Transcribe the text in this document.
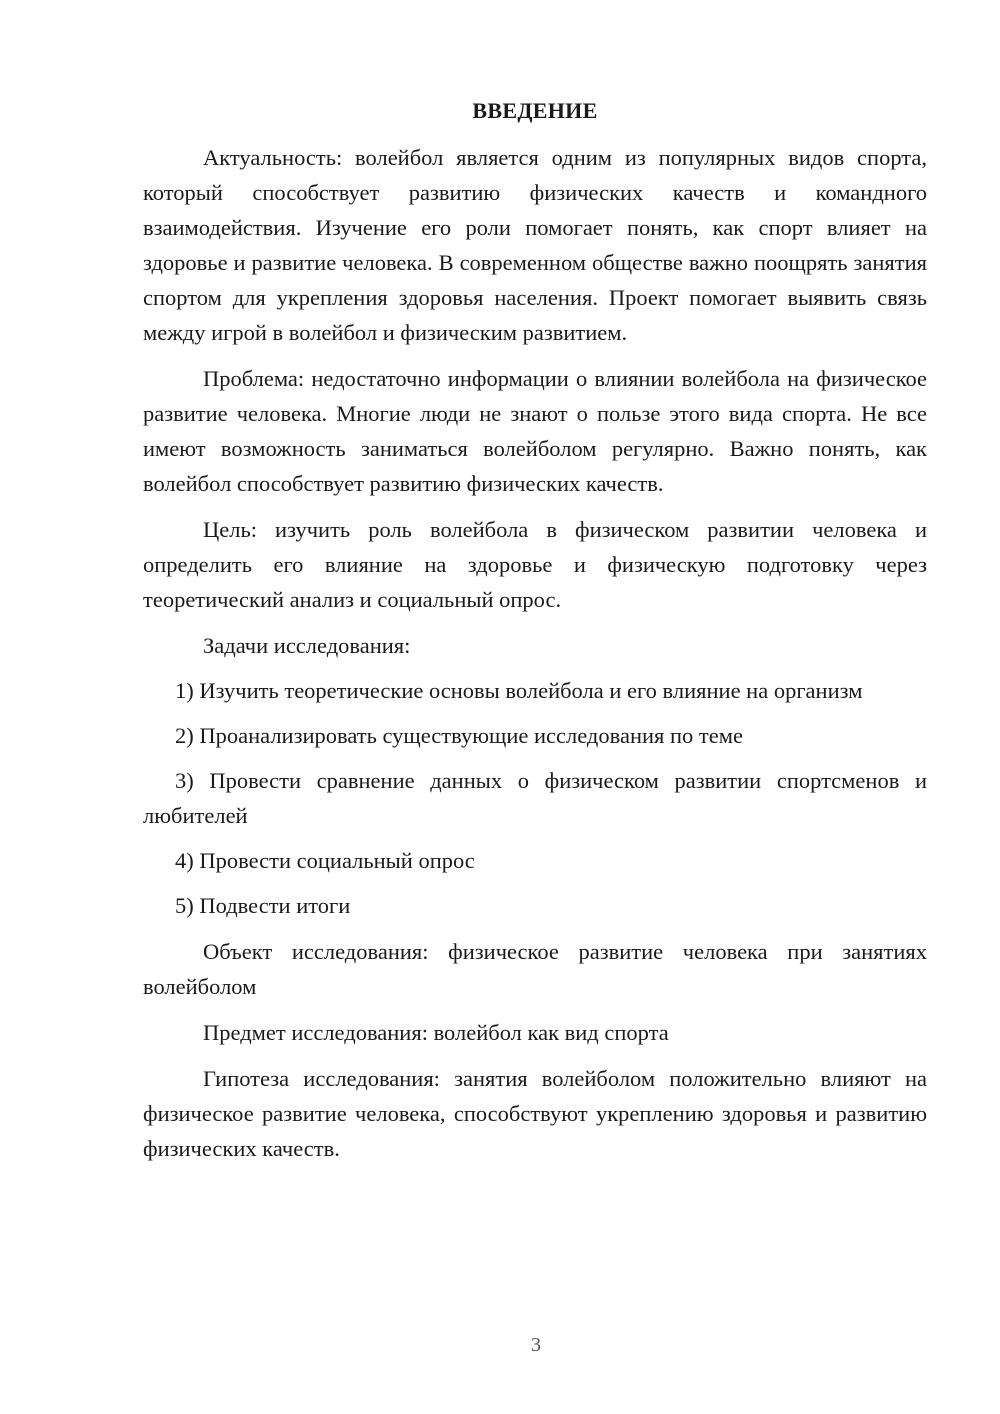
ВВЕДЕНИЕ

Актуальность: волейбол является одним из популярных видов спорта, который способствует развитию физических качеств и командного взаимодействия. Изучение его роли помогает понять, как спорт влияет на здоровье и развитие человека. В современном обществе важно поощрять занятия спортом для укрепления здоровья населения. Проект помогает выявить связь между игрой в волейбол и физическим развитием.

Проблема: недостаточно информации о влиянии волейбола на физическое развитие человека. Многие люди не знают о пользе этого вида спорта. Не все имеют возможность заниматься волейболом регулярно. Важно понять, как волейбол способствует развитию физических качеств.

Цель: изучить роль волейбола в физическом развитии человека и определить его влияние на здоровье и физическую подготовку через теоретический анализ и социальный опрос.

Задачи исследования:

1) Изучить теоретические основы волейбола и его влияние на организм

2) Проанализировать существующие исследования по теме

3) Провести сравнение данных о физическом развитии спортсменов и любителей

4) Провести социальный опрос

5) Подвести итоги

Объект исследования: физическое развитие человека при занятиях волейболом

Предмет исследования: волейбол как вид спорта

Гипотеза исследования: занятия волейболом положительно влияют на физическое развитие человека, способствуют укреплению здоровья и развитию физических качеств.

3
